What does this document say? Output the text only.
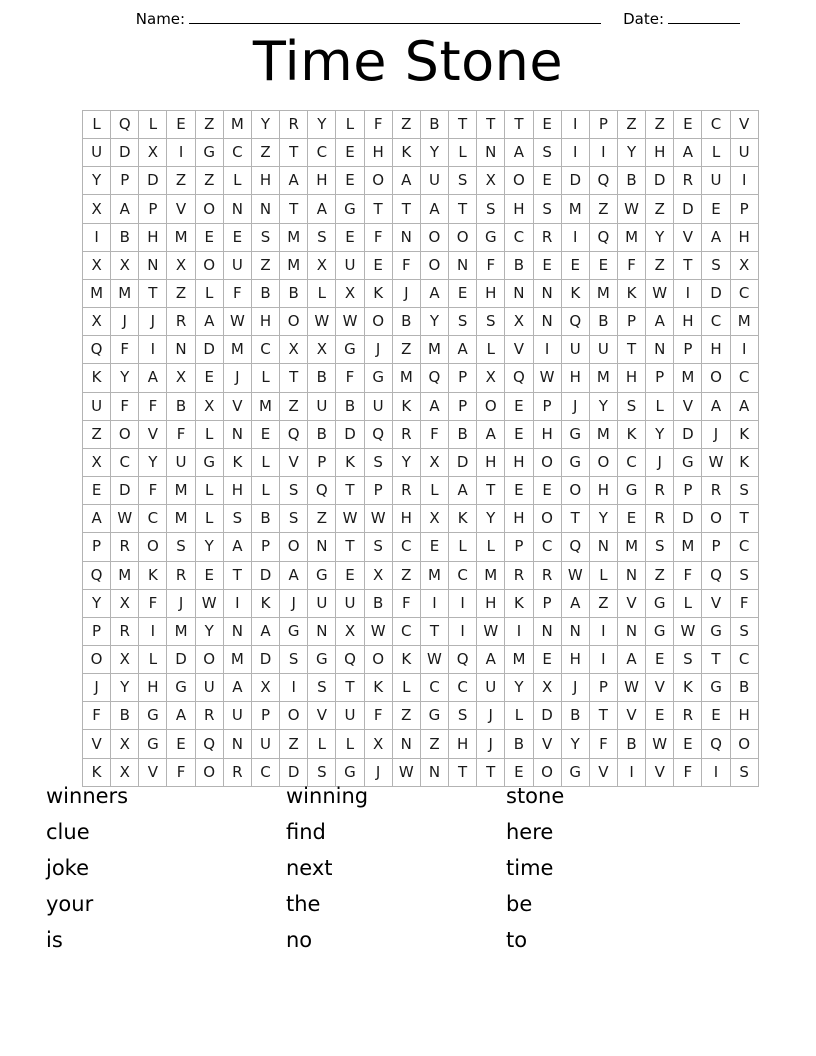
Name:	Date:
Time Stone
L	Q	L	E	Z	M	Y	R	Y	L	F	Z	B	T	T	T	E	I	P	Z	Z	E	C	V
U	D	X	I	G	C	Z	T	C	E	H	K	Y	L	N	A	S	I	I	Y	H	A	L	U
Y	P	D	Z	Z	L	H	A	H	E	O	A	U	S	X	O	E	D	Q	B	D	R	U	I
X	A	P	V	O	N	N	T	A	G	T	T	A	T	S	H	S	M	Z	W	Z	D	E	P
I	B	H	M	E	E	S	M	S	E	F	N	O	O	G	C	R	I	Q	M	Y	V	A	H
X	X	N	X	O	U	Z	M	X	U	E	F	O	N	F	B	E	E	E	F	Z	T	S	X
M	M	T	Z	L	F	B	B	L	X	K	J	A	E	H	N	N	K	M	K	W	I	D	C
X	J	J	R	A	W	H	O	W	W	O	B	Y	S	S	X	N	Q	B	P	A	H	C	M
Q	F	I	N	D	M	C	X	X	G	J	Z	M	A	L	V	I	U	U	T	N	P	H	I
K	Y	A	X	E	J	L	T	B	F	G	M	Q	P	X	Q	W	H	M	H	P	M	O	C
U	F	F	B	X	V	M	Z	U	B	U	K	A	P	O	E	P	J	Y	S	L	V	A	A
Z	O	V	F	L	N	E	Q	B	D	Q	R	F	B	A	E	H	G	M	K	Y	D	J	K
X	C	Y	U	G	K	L	V	P	K	S	Y	X	D	H	H	O	G	O	C	J	G	W	K
E	D	F	M	L	H	L	S	Q	T	P	R	L	A	T	E	E	O	H	G	R	P	R	S
A	W	C	M	L	S	B	S	Z	W	W	H	X	K	Y	H	O	T	Y	E	R	D	O	T
P	R	O	S	Y	A	P	O	N	T	S	C	E	L	L	P	C	Q	N	M	S	M	P	C
Q	M	K	R	E	T	D	A	G	E	X	Z	M	C	M	R	R	W	L	N	Z	F	Q	S
Y	X	F	J	W	I	K	J	U	U	B	F	I	I	H	K	P	A	Z	V	G	L	V	F
P	R	I	M	Y	N	A	G	N	X	W	C	T	I	W	I	N	N	I	N	G	W	G	S
O	X	L	D	O	M	D	S	G	Q	O	K	W	Q	A	M	E	H	I	A	E	S	T	C
J	Y	H	G	U	A	X	I	S	T	K	L	C	C	U	Y	X	J	P	W	V	K	G	B
F	B	G	A	R	U	P	O	V	U	F	Z	G	S	J	L	D	B	T	V	E	R	E	H
V	X	G	E	Q	N	U	Z	L	L	X	N	Z	H	J	B	V	Y	F	B	W	E	Q	O
K	X	V	F	O	R	C	D	S	G	J	W	N	T	T	E	O	G	V	I	V	F	I	S
winners	winning	stone
clue	find	here
joke	next	time
your	the	be
is	no	to
